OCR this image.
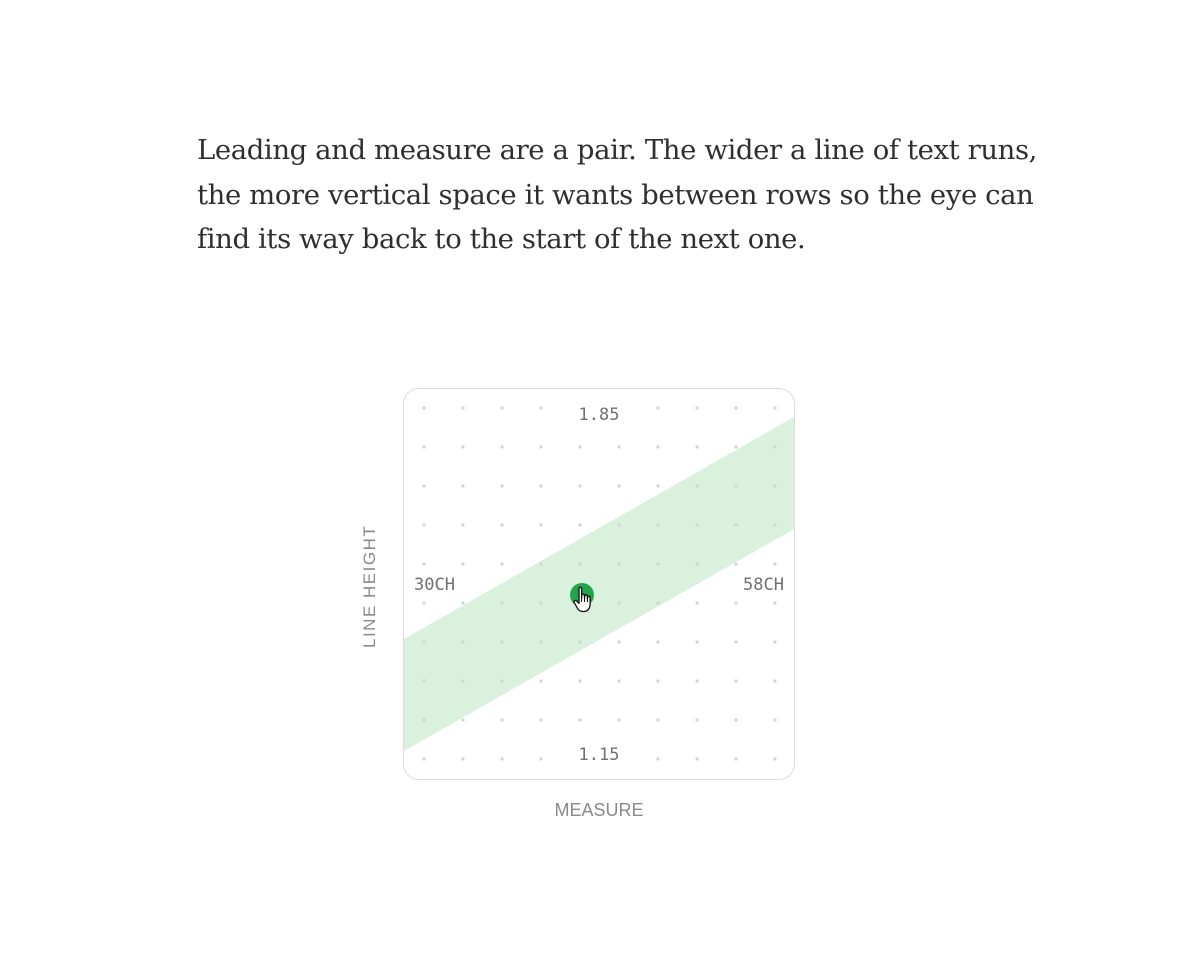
Leading and measure are a pair. The wider a line of text runs,
the more vertical space it wants between rows so the eye can
find its way back to the start of the next one.

LINE HEIGHT
1.85
1.15
30CH	58CH
MEASURE
